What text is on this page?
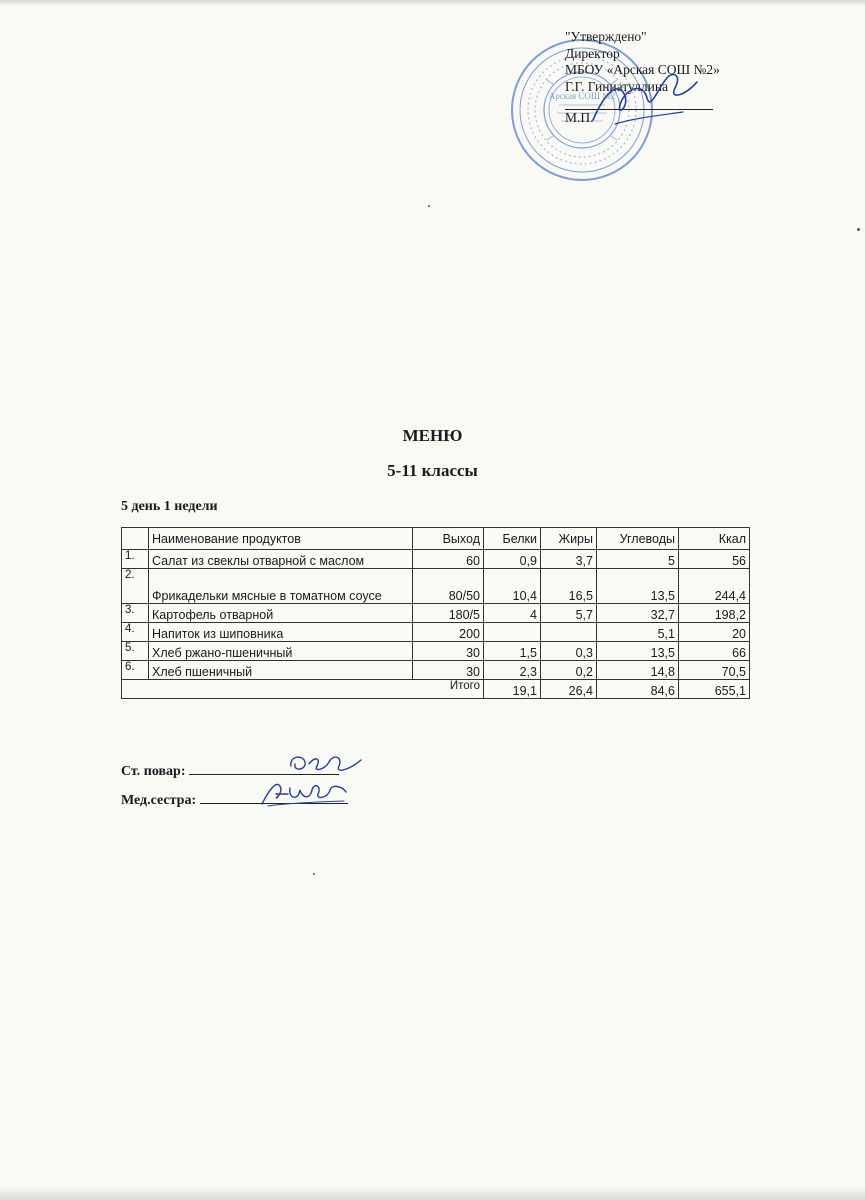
"Утверждено"
Директор
МБОУ «Арская СОШ №2»
Г.Г. Гиниатуллина
М.П.
Арская СОШ №2
МЕНЮ
5-11 классы
5 день 1 недели
	Наименование продуктов	Выход	Белки	Жиры	Углеводы	Ккал
1.	Салат из свеклы отварной с маслом	60	0,9	3,7	5	56
2.	Фрикадельки мясные в томатном соусе	80/50	10,4	16,5	13,5	244,4
3.	Картофель отварной	180/5	4	5,7	32,7	198,2
4.	Напиток из шиповника	200			5,1	20
5.	Хлеб ржано-пшеничный	30	1,5	0,3	13,5	66
6.	Хлеб пшеничный	30	2,3	0,2	14,8	70,5
Итого			19,1	26,4	84,6	655,1
Ст. повар:
Мед.сестра:
